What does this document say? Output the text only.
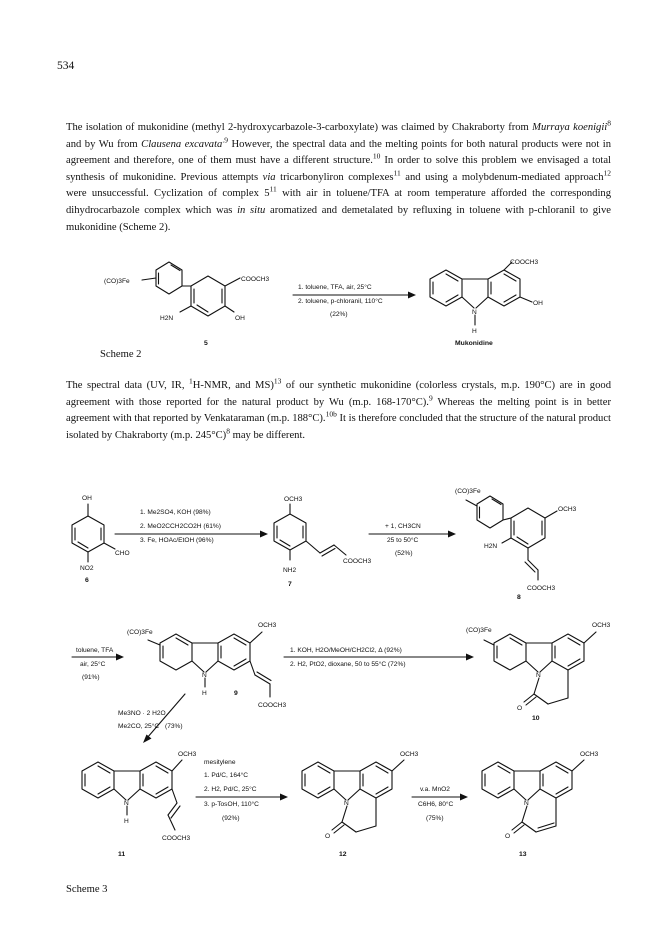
534

The isolation of mukonidine (methyl 2-hydroxycarbazole-3-carboxylate) was claimed by Chakraborty from Murraya koenigii$^8$ and by Wu from Clausena excavata$^{.9}$ However, the spectral data and the melting points for both natural products were not in agreement and therefore, one of them must have a different structure.$^{10}$ In order to solve this problem we envisaged a total synthesis of mukonidine. Previous attempts via tricarbonyliron complexes$^{11}$ and using a molybdenum-mediated approach$^{12}$ were unsuccessful. Cyclization of complex $5^{11}$ with air in toluene/TFA at room temperature afforded the corresponding dihydrocarbazole complex which was in situ aromatized and demetalated by refluxing in toluene with p-chloranil to give mukonidine (Scheme 2).

The spectral data (UV, IR, $^1$H-NMR, and MS)$^{13}$ of our synthetic mukonidine (colorless crystals, m.p. 190°C) are in good agreement with those reported for the natural product by Wu (m.p. 168-170°C).$^9$ Whereas the melting point is in better agreement with that reported by Venkataraman (m.p. 188°C).$^{10b}$ It is therefore concluded that the structure of the natural product isolated by Chakraborty (m.p. 245°C)$^8$ may be different.

Scheme 2
Scheme 3
(CO)3Fe	COOCH3
H2N	OH
5
1. toluene, TFA, air, 25°C
2. toluene, p-chloranil, 110°C
(22%)
COOCH3
OH
N
H
Mukonidine
OH
CHO
NO2
6
1. Me2SO4, KOH (98%)
2. MeO2CCH2CO2H (61%)
3. Fe, HOAc/EtOH (96%)
OCH3
NH2
COOCH3
7
+ 1, CH3CN
25 to 50°C
(52%)
(CO)3Fe
OCH3
H2N
COOCH3
8
toluene, TFA
air, 25°C
(91%)
(CO)3Fe
OCH3
N
H
COOCH3
9
1. KOH, H2O/MeOH/CH2Cl2, Δ (92%)
2. H2, PtO2, dioxane, 50 to 55°C (72%)
(CO)3Fe
OCH3
N
O
10
Me3NO · 2 H2O
Me2CO, 25°C (73%)
OCH3
N
H
COOCH3
11
mesitylene
1. Pd/C, 164°C
2. H2, Pd/C, 25°C
3. p-TosOH, 110°C
(92%)
OCH3
N
O
12
v.a. MnO2
C6H6, 80°C
(75%)
OCH3
N
O
13
